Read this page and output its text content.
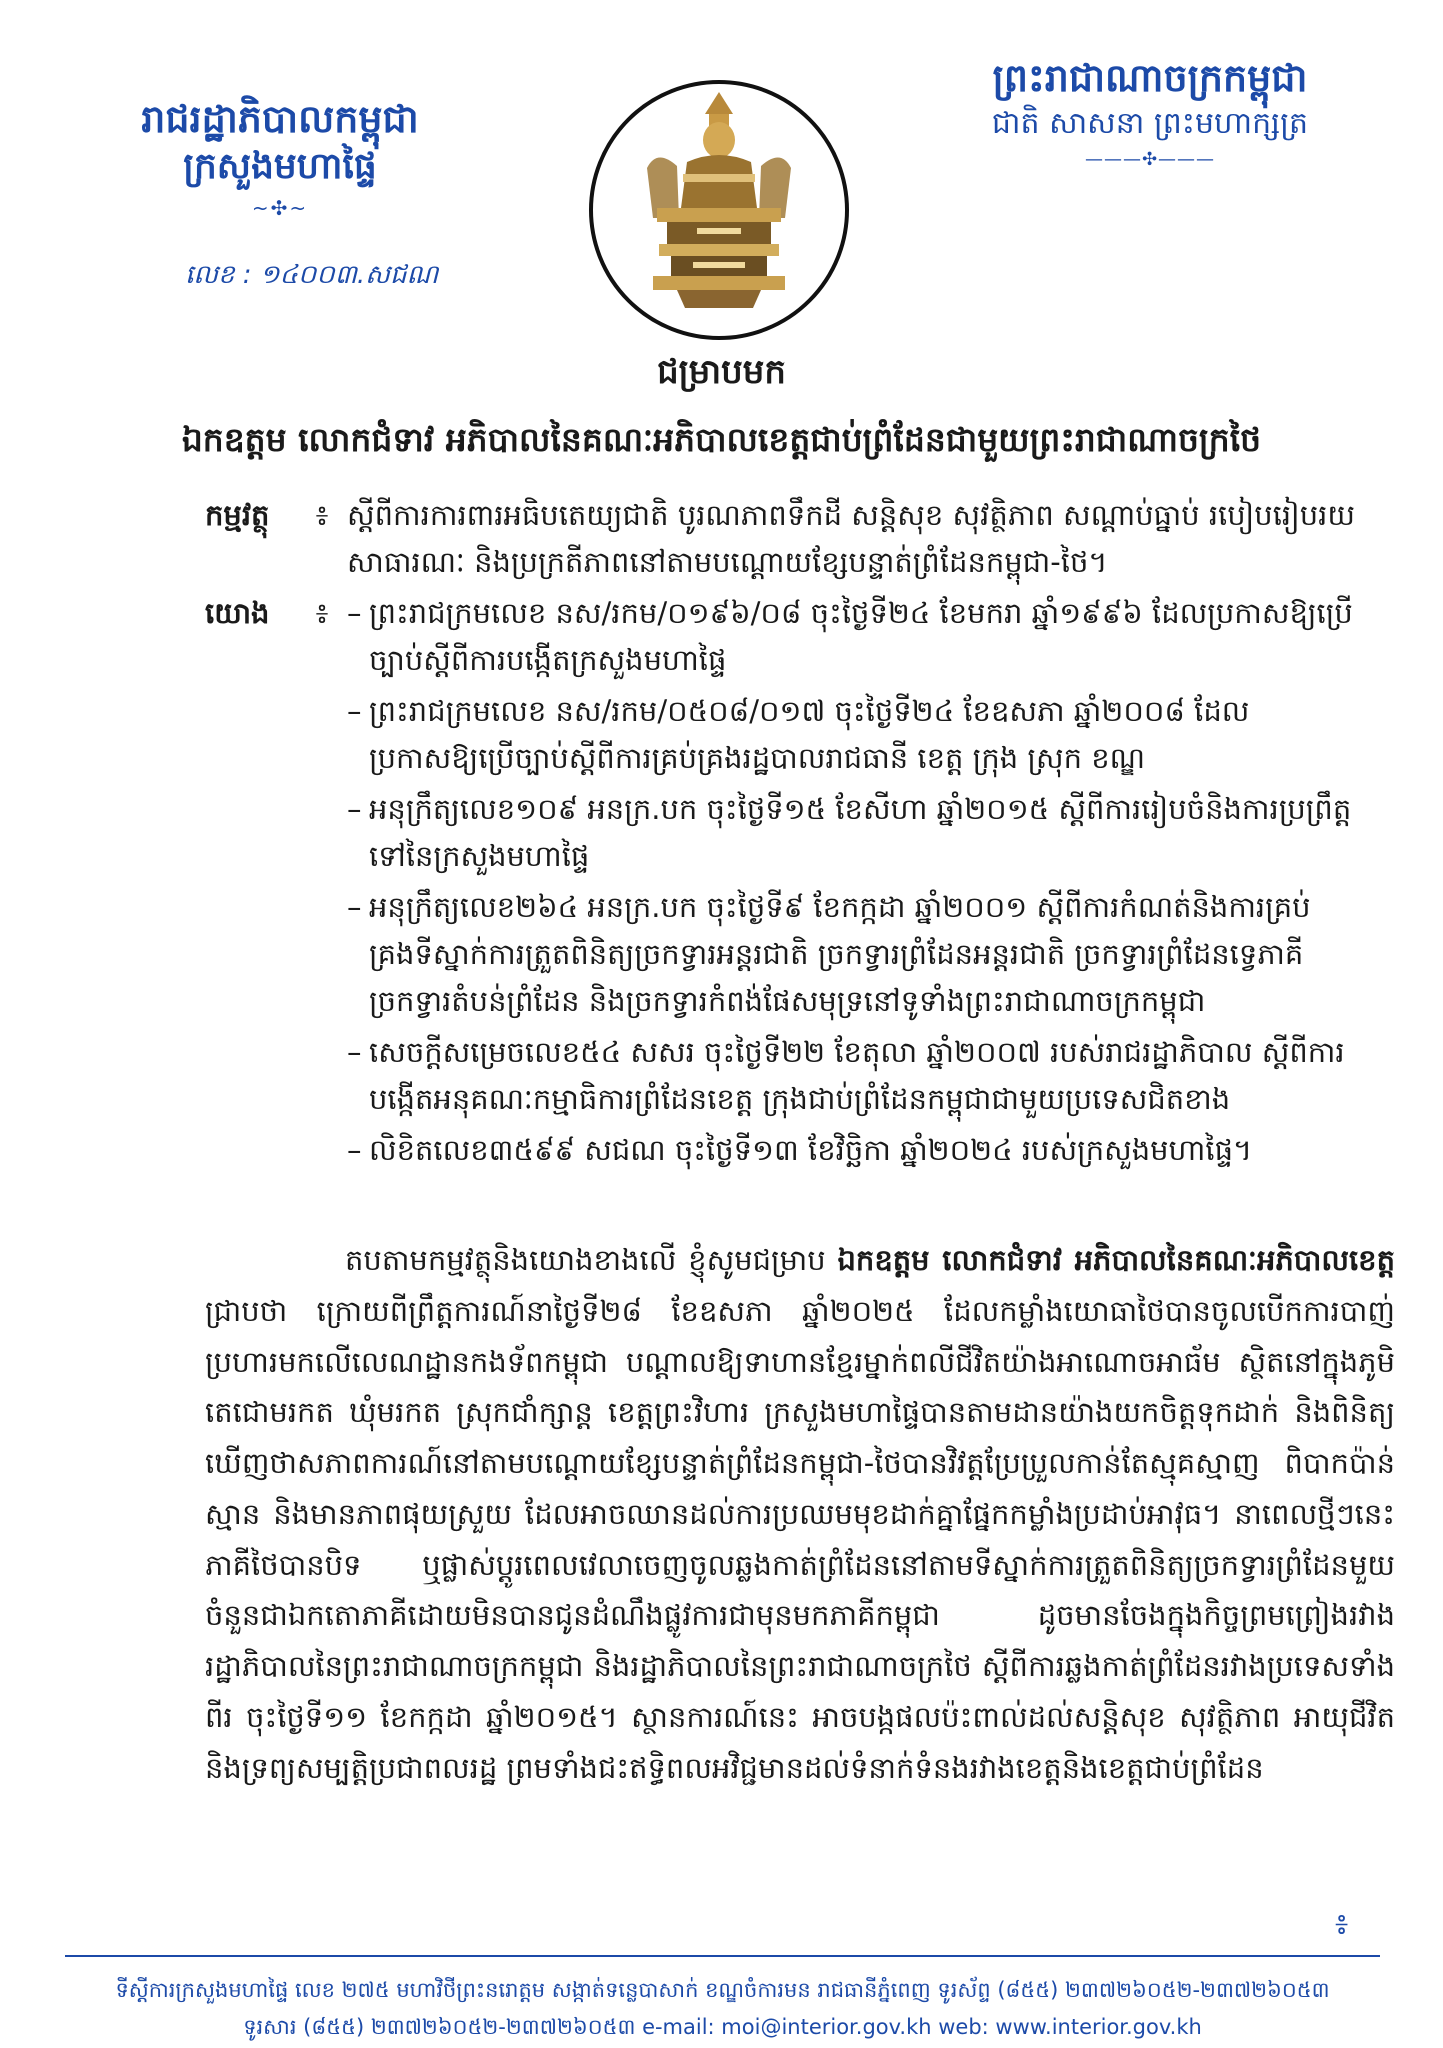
រាជរដ្ឋាភិបាលកម្ពុជា
ក្រសួងមហាផ្ទៃ
~✣~
លេខ : ១៤០០៣.សជណ
ព្រះរាជាណាចក្រកម្ពុជា
ជាតិ សាសនា ព្រះមហាក្សត្រ
———✣———
ជម្រាបមក
ឯកឧត្តម លោកជំទាវ អភិបាលនៃគណៈអភិបាលខេត្តជាប់ព្រំដែនជាមួយព្រះរាជាណាចក្រថៃ
កម្មវត្ថុ	៖ ស្តីពីការការពារអធិបតេយ្យជាតិ បូរណភាពទឹកដី សន្តិសុខ សុវត្ថិភាព សណ្តាប់ធ្នាប់ របៀបរៀបរយសាធារណៈ និងប្រក្រតីភាពនៅតាមបណ្តោយខ្សែបន្ទាត់ព្រំដែនកម្ពុជា-ថៃ។
យោង	៖ – ព្រះរាជក្រមលេខ នស/រកម/០១៩៦/០៨ ចុះថ្ងៃទី២៤ ខែមករា ឆ្នាំ១៩៩៦ ដែលប្រកាសឱ្យប្រើច្បាប់ស្តីពីការបង្កើតក្រសួងមហាផ្ទៃ
– ព្រះរាជក្រមលេខ នស/រកម/០៥០៨/០១៧ ចុះថ្ងៃទី២៤ ខែឧសភា ឆ្នាំ២០០៨ ដែលប្រកាសឱ្យប្រើច្បាប់ស្តីពីការគ្រប់គ្រងរដ្ឋបាលរាជធានី ខេត្ត ក្រុង ស្រុក ខណ្ឌ
– អនុក្រឹត្យលេខ១០៩ អនក្រ.បក ចុះថ្ងៃទី១៥ ខែសីហា ឆ្នាំ២០១៥ ស្តីពីការរៀបចំនិងការប្រព្រឹត្តទៅនៃក្រសួងមហាផ្ទៃ
– អនុក្រឹត្យលេខ២៦៤ អនក្រ.បក ចុះថ្ងៃទី៩ ខែកក្កដា ឆ្នាំ២០០១ ស្តីពីការកំណត់និងការគ្រប់គ្រងទីស្នាក់ការត្រួតពិនិត្យច្រកទ្វារអន្តរជាតិ ច្រកទ្វារព្រំដែនអន្តរជាតិ ច្រកទ្វារព្រំដែនទ្វេភាគី ច្រកទ្វារតំបន់ព្រំដែន និងច្រកទ្វារកំពង់ផែសមុទ្រនៅទូទាំងព្រះរាជាណាចក្រកម្ពុជា
– សេចក្តីសម្រេចលេខ៥៤ សសរ ចុះថ្ងៃទី២២ ខែតុលា ឆ្នាំ២០០៧ របស់រាជរដ្ឋាភិបាល ស្តីពីការបង្កើតអនុគណៈកម្មាធិការព្រំដែនខេត្ត ក្រុងជាប់ព្រំដែនកម្ពុជាជាមួយប្រទេសជិតខាង
– លិខិតលេខ៣៥៩៩ សជណ ចុះថ្ងៃទី១៣ ខែវិច្ឆិកា ឆ្នាំ២០២៤ របស់ក្រសួងមហាផ្ទៃ។
តបតាមកម្មវត្ថុនិងយោងខាងលើ ខ្ញុំសូមជម្រាប ឯកឧត្តម លោកជំទាវ អភិបាលនៃគណៈអភិបាលខេត្ត ជ្រាបថា ក្រោយពីព្រឹត្តការណ៍នាថ្ងៃទី២៨ ខែឧសភា ឆ្នាំ២០២៥ ដែលកម្លាំងយោធាថៃបានចូលបើកការបាញ់ប្រហារមកលើលេណដ្ឋានកងទ័ពកម្ពុជា បណ្តាលឱ្យទាហានខ្មែរម្នាក់ពលីជីវិតយ៉ាងអាណោចអាធ័ម ស្ថិតនៅក្នុងភូមិតេជោមរកត ឃុំមរកត ស្រុកជាំក្សាន្ត ខេត្តព្រះវិហារ ក្រសួងមហាផ្ទៃបានតាមដានយ៉ាងយកចិត្តទុកដាក់ និងពិនិត្យឃើញថាសភាពការណ៍នៅតាមបណ្តោយខ្សែបន្ទាត់ព្រំដែនកម្ពុជា-ថៃបានវិវត្តប្រែប្រួលកាន់តែស្មុគស្មាញ ពិបាកប៉ាន់ស្មាន និងមានភាពផុយស្រួយ ដែលអាចឈានដល់ការប្រឈមមុខដាក់គ្នាផ្នែកកម្លាំងប្រដាប់អាវុធ។ នាពេលថ្មីៗនេះ ភាគីថៃបានបិទ ឬផ្លាស់ប្តូរពេលវេលាចេញចូលឆ្លងកាត់ព្រំដែននៅតាមទីស្នាក់ការត្រួតពិនិត្យច្រកទ្វារព្រំដែនមួយចំនួនជាឯកតោភាគីដោយមិនបានជូនដំណឹងផ្លូវការជាមុនមកភាគីកម្ពុជា ដូចមានចែងក្នុងកិច្ចព្រមព្រៀងរវាងរដ្ឋាភិបាលនៃព្រះរាជាណាចក្រកម្ពុជា និងរដ្ឋាភិបាលនៃព្រះរាជាណាចក្រថៃ ស្តីពីការឆ្លងកាត់ព្រំដែនរវាងប្រទេសទាំងពីរ ចុះថ្ងៃទី១១ ខែកក្កដា ឆ្នាំ២០១៥។ ស្ថានការណ៍នេះ អាចបង្កផលប៉ះពាល់ដល់សន្តិសុខ សុវត្ថិភាព អាយុជីវិត និងទ្រព្យសម្បត្តិប្រជាពលរដ្ឋ ព្រមទាំងជះឥទ្ធិពលអវិជ្ជមានដល់ទំនាក់ទំនងរវាងខេត្តនិងខេត្តជាប់ព្រំដែន
៖
ទីស្តីការក្រសួងមហាផ្ទៃ លេខ ២៧៥ មហាវិថីព្រះនរោត្តម សង្កាត់ទន្លេបាសាក់ ខណ្ឌចំការមន រាជធានីភ្នំពេញ ទូរស័ព្ទ (៨៥៥) ២៣៧២៦០៥២-២៣៧២៦០៥៣
ទូរសារ (៨៥៥) ២៣៧២៦០៥២-២៣៧២៦០៥៣ e-mail: moi@interior.gov.kh web: www.interior.gov.kh
